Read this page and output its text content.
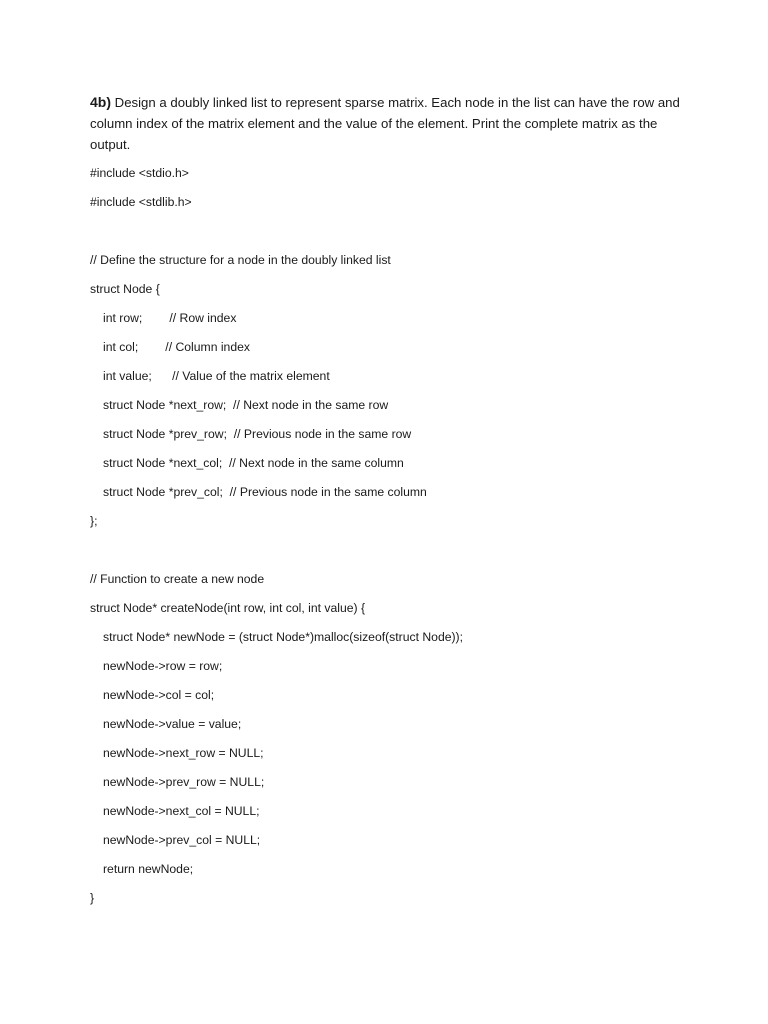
4b) Design a doubly linked list to represent sparse matrix. Each node in the list can have the row and column index of the matrix element and the value of the element. Print the complete matrix as the output.
#include <stdio.h>
#include <stdlib.h>
// Define the structure for a node in the doubly linked list
struct Node {
int row;        // Row index
int col;        // Column index
int value;      // Value of the matrix element
struct Node *next_row;  // Next node in the same row
struct Node *prev_row;  // Previous node in the same row
struct Node *next_col;  // Next node in the same column
struct Node *prev_col;  // Previous node in the same column
};
// Function to create a new node
struct Node* createNode(int row, int col, int value) {
struct Node* newNode = (struct Node*)malloc(sizeof(struct Node));
newNode->row = row;
newNode->col = col;
newNode->value = value;
newNode->next_row = NULL;
newNode->prev_row = NULL;
newNode->next_col = NULL;
newNode->prev_col = NULL;
return newNode;
}
